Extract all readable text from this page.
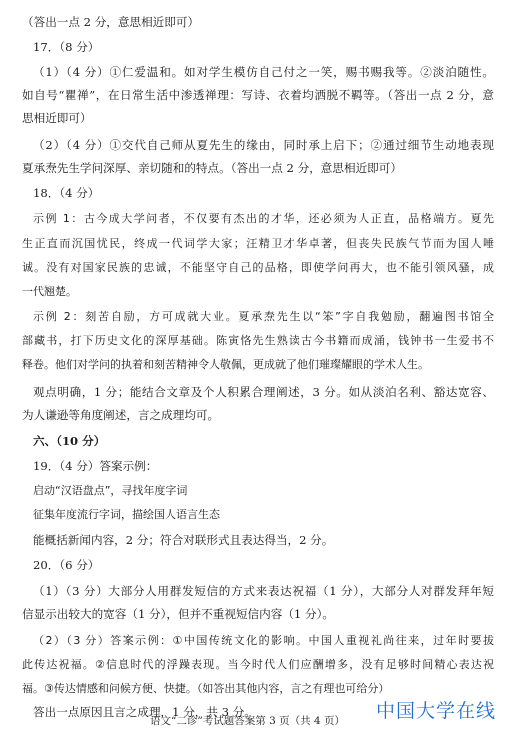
（答出一点 2 分，意思相近即可）
17．（8 分）
（1）（4 分）①仁爱温和。如对学生模仿自己付之一笑，赐书赐我等。②淡泊随性。
如自号“瞿禅”，在日常生活中渗透禅理：写诗、衣着均洒脱不羁等。（答出一点 2 分，意
思相近即可）
（2）（4 分）①交代自己师从夏先生的缘由，同时承上启下；②通过细节生动地表现
夏承焘先生学问深厚、亲切随和的特点。（答出一点 2 分，意思相近即可）
18．（4 分）
示例 1：古今成大学问者，不仅要有杰出的才华，还必须为人正直，品格端方。夏先
生正直而沉国忧民，终成一代词学大家；汪精卫才华卓著，但丧失民族气节而为国人唾
诚。没有对国家民族的忠诚，不能坚守自己的品格，即使学问再大，也不能引领风骚，成
一代翘楚。
示例 2：刻苦自励，方可成就大业。夏承焘先生以“笨”字自我勉励，翻遍图书馆全
部藏书，打下历史文化的深厚基础。陈寅恪先生熟读古今书籍而成涌，钱钟书一生爱书不
释卷。他们对学问的执着和刻苦精神令人敬佩，更成就了他们璀璨耀眼的学术人生。
观点明确，1 分；能结合文章及个人积累合理阐述，3 分。如从淡泊名利、豁达宽容、
为人谦逊等角度阐述，言之成理均可。
六、（10 分）
19．（4 分）答案示例：
启动“汉语盘点”，寻找年度字词
征集年度流行字词，描绘国人语言生态
能概括新闻内容，2 分；符合对联形式且表达得当，2 分。
20．（6 分）
（1）（3 分）大部分人用群发短信的方式来表达祝福（1 分），大部分人对群发拜年短
信显示出较大的宽容（1 分），但并不重视短信内容（1 分）。
（2）（3 分）答案示例：①中国传统文化的影响。中国人重视礼尚往来，过年时要拔
此传达祝福。②信息时代的浮躁表现。当今时代人们应酬增多，没有足够时间精心表达祝
福。③传达情感和问候方便、快捷。（如答出其他内容，言之有理也可给分）
答出一点原因且言之成理，1 分，共 3 分。
语文“二诊”考试题答案第 3 页（共 4 页） 中国大学在线
